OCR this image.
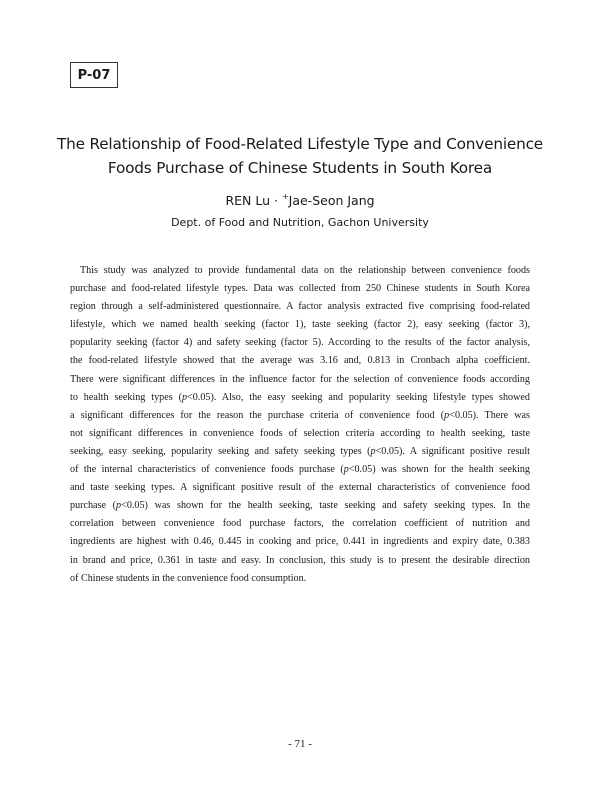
P-07
The Relationship of Food-Related Lifestyle Type and Convenience
Foods Purchase of Chinese Students in South Korea
REN Lu · +Jae-Seon Jang
Dept. of Food and Nutrition, Gachon University
This study was analyzed to provide fundamental data on the relationship between convenience foods
purchase and food-related lifestyle types. Data was collected from 250 Chinese students in South Korea
region through a self-administered questionnaire. A factor analysis extracted five comprising food-related
lifestyle, which we named health seeking (factor 1), taste seeking (factor 2), easy seeking (factor 3),
popularity seeking (factor 4) and safety seeking (factor 5). According to the results of the factor analysis,
the food-related lifestyle showed that the average was 3.16 and, 0.813 in Cronbach alpha coefficient.
There were significant differences in the influence factor for the selection of convenience foods according
to health seeking types (p<0.05). Also, the easy seeking and popularity seeking lifestyle types showed
a significant differences for the reason the purchase criteria of convenience food (p<0.05). There was
not significant differences in convenience foods of selection criteria according to health seeking, taste
seeking, easy seeking, popularity seeking and safety seeking types (p<0.05). A significant positive result
of the internal characteristics of convenience foods purchase (p<0.05) was shown for the health seeking
and taste seeking types. A significant positive result of the external characteristics of convenience food
purchase (p<0.05) was shown for the health seeking, taste seeking and safety seeking types. In the
correlation between convenience food purchase factors, the correlation coefficient of nutrition and
ingredients are highest with 0.46, 0.445 in cooking and price, 0.441 in ingredients and expiry date, 0.383
in brand and price, 0.361 in taste and easy. In conclusion, this study is to present the desirable direction
of Chinese students in the convenience food consumption.
- 71 -
